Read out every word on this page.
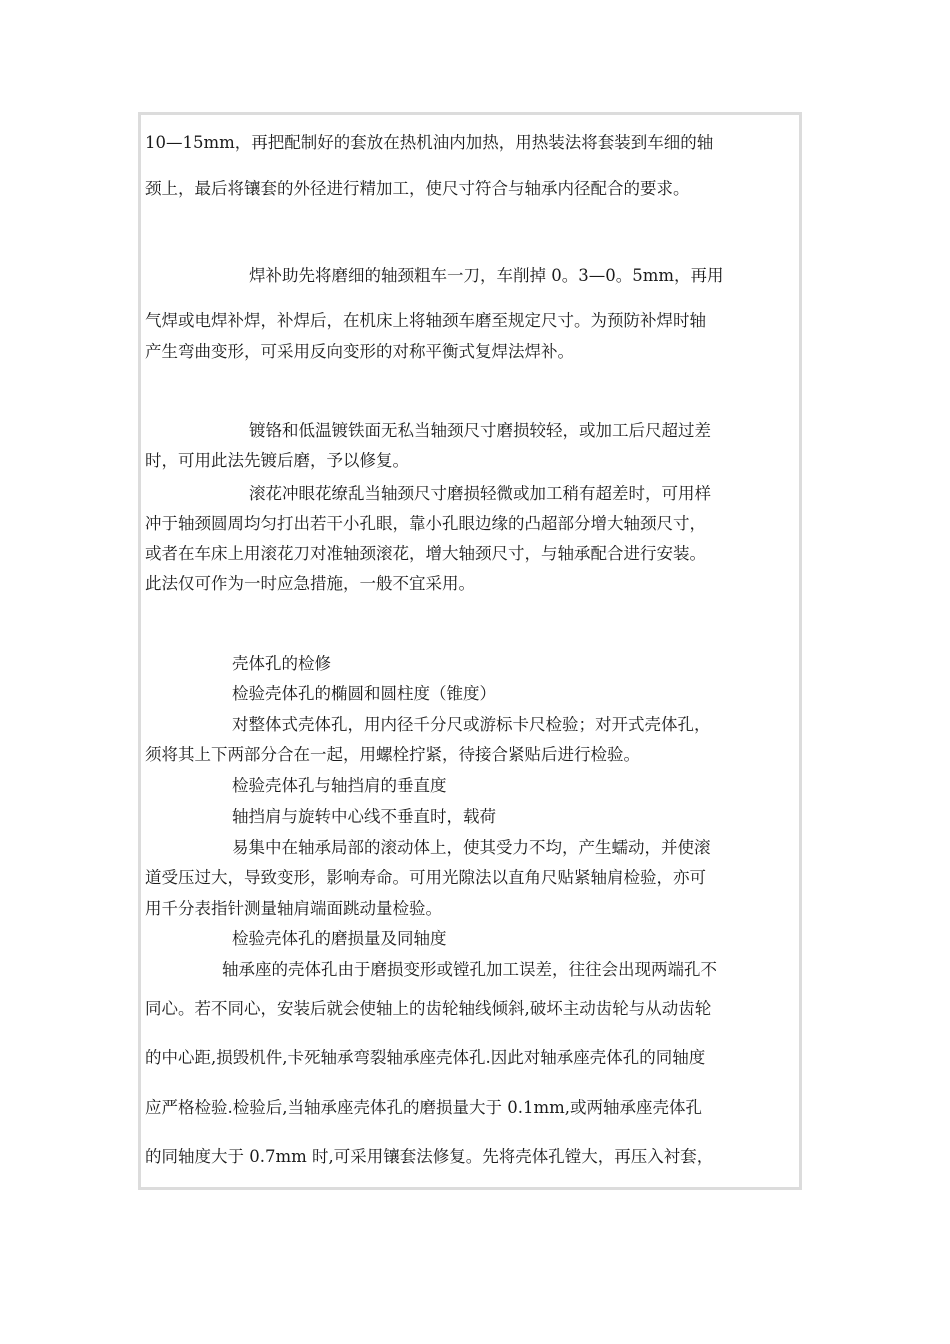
10—15mm，再把配制好的套放在热机油内加热，用热装法将套装到车细的轴
颈上，最后将镶套的外径进行精加工，使尺寸符合与轴承内径配合的要求。
焊补助先将磨细的轴颈粗车一刀，车削掉 0。3—0。5mm，再用
气焊或电焊补焊，补焊后，在机床上将轴颈车磨至规定尺寸。为预防补焊时轴
产生弯曲变形，可采用反向变形的对称平衡式复焊法焊补。
镀铬和低温镀铁面无私当轴颈尺寸磨损较轻，或加工后尺超过差
时，可用此法先镀后磨，予以修复。
滚花冲眼花缭乱当轴颈尺寸磨损轻微或加工稍有超差时，可用样
冲于轴颈圆周均匀打出若干小孔眼，靠小孔眼边缘的凸超部分增大轴颈尺寸，
或者在车床上用滚花刀对准轴颈滚花，增大轴颈尺寸，与轴承配合进行安装。
此法仅可作为一时应急措施，一般不宜采用。
壳体孔的检修
检验壳体孔的椭圆和圆柱度（锥度）
对整体式壳体孔，用内径千分尺或游标卡尺检验；对开式壳体孔，
须将其上下两部分合在一起，用螺栓拧紧，待接合紧贴后进行检验。
检验壳体孔与轴挡肩的垂直度
轴挡肩与旋转中心线不垂直时，载荷
易集中在轴承局部的滚动体上，使其受力不均，产生蠕动，并使滚
道受压过大，导致变形，影响寿命。可用光隙法以直角尺贴紧轴肩检验，亦可
用千分表指针测量轴肩端面跳动量检验。
检验壳体孔的磨损量及同轴度
轴承座的壳体孔由于磨损变形或镗孔加工误差，往往会出现两端孔不
同心。若不同心，安装后就会使轴上的齿轮轴线倾斜,破坏主动齿轮与从动齿轮
的中心距,损毁机件,卡死轴承弯裂轴承座壳体孔.因此对轴承座壳体孔的同轴度
应严格检验.检验后,当轴承座壳体孔的磨损量大于 0.1mm,或两轴承座壳体孔
的同轴度大于 0.7mm 时,可采用镶套法修复。先将壳体孔镗大，再压入衬套，
